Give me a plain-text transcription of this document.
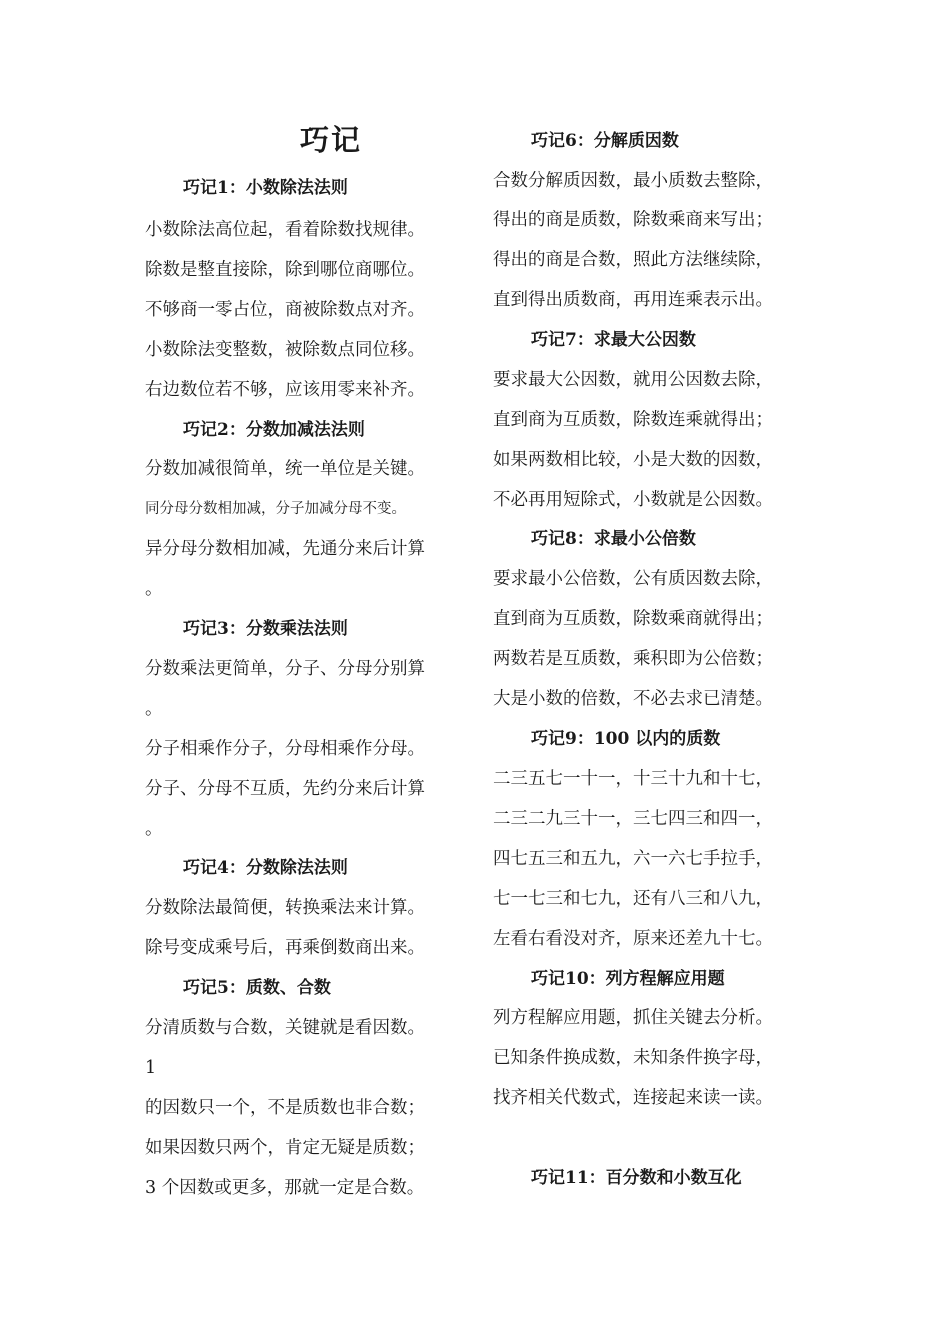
巧记
巧记1：小数除法法则
小数除法高位起，看着除数找规律。
除数是整直接除，除到哪位商哪位。
不够商一零占位，商被除数点对齐。
小数除法变整数，被除数点同位移。
右边数位若不够，应该用零来补齐。
巧记2：分数加减法法则
分数加减很简单，统一单位是关键。
同分母分数相加减，分子加减分母不变。
异分母分数相加减，先通分来后计算
。
巧记3：分数乘法法则
分数乘法更简单，分子、分母分别算
。
分子相乘作分子，分母相乘作分母。
分子、分母不互质，先约分来后计算
。
巧记4：分数除法法则
分数除法最简便，转换乘法来计算。
除号变成乘号后，再乘倒数商出来。
巧记5：质数、合数
分清质数与合数，关键就是看因数。
1
的因数只一个，不是质数也非合数；
如果因数只两个，肯定无疑是质数；
3 个因数或更多，那就一定是合数。
巧记6：分解质因数
合数分解质因数，最小质数去整除，
得出的商是质数，除数乘商来写出；
得出的商是合数，照此方法继续除，
直到得出质数商，再用连乘表示出。
巧记7：求最大公因数
要求最大公因数，就用公因数去除，
直到商为互质数，除数连乘就得出；
如果两数相比较，小是大数的因数，
不必再用短除式，小数就是公因数。
巧记8：求最小公倍数
要求最小公倍数，公有质因数去除，
直到商为互质数，除数乘商就得出；
两数若是互质数，乘积即为公倍数；
大是小数的倍数，不必去求已清楚。
巧记9：100 以内的质数
二三五七一十一，十三十九和十七，
二三二九三十一，三七四三和四一，
四七五三和五九，六一六七手拉手，
七一七三和七九，还有八三和八九，
左看右看没对齐，原来还差九十七。
巧记10：列方程解应用题
列方程解应用题，抓住关键去分析。
已知条件换成数，未知条件换字母，
找齐相关代数式，连接起来读一读。
巧记11：百分数和小数互化
